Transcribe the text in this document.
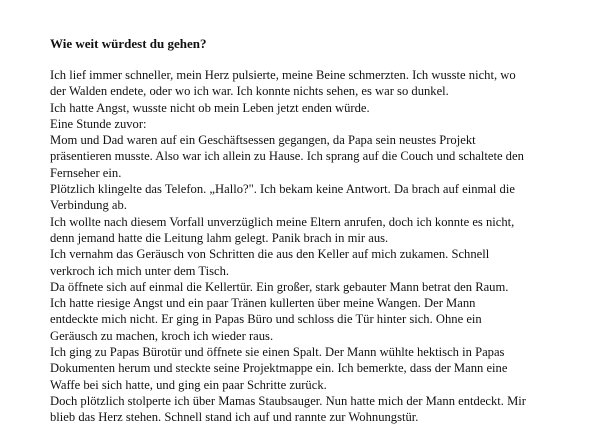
Wie weit würdest du gehen?
Ich lief immer schneller, mein Herz pulsierte, meine Beine schmerzten. Ich wusste nicht, wo
der Walden endete, oder wo ich war. Ich konnte nichts sehen, es war so dunkel.
Ich hatte Angst, wusste nicht ob mein Leben jetzt enden würde.
Eine Stunde zuvor:
Mom und Dad waren auf ein Geschäftsessen gegangen, da Papa sein neustes Projekt
präsentieren musste. Also war ich allein zu Hause. Ich sprang auf die Couch und schaltete den
Fernseher ein.
Plötzlich klingelte das Telefon. „Hallo?". Ich bekam keine Antwort. Da brach auf einmal die
Verbindung ab.
Ich wollte nach diesem Vorfall unverzüglich meine Eltern anrufen, doch ich konnte es nicht,
denn jemand hatte die Leitung lahm gelegt. Panik brach in mir aus.
Ich vernahm das Geräusch von Schritten die aus den Keller auf mich zukamen. Schnell
verkroch ich mich unter dem Tisch.
Da öffnete sich auf einmal die Kellertür. Ein großer, stark gebauter Mann betrat den Raum.
Ich hatte riesige Angst und ein paar Tränen kullerten über meine Wangen. Der Mann
entdeckte mich nicht. Er ging in Papas Büro und schloss die Tür hinter sich. Ohne ein
Geräusch zu machen, kroch ich wieder raus.
Ich ging zu Papas Bürotür und öffnete sie einen Spalt. Der Mann wühlte hektisch in Papas
Dokumenten herum und steckte seine Projektmappe ein. Ich bemerkte, dass der Mann eine
Waffe bei sich hatte, und ging ein paar Schritte zurück.
Doch plötzlich stolperte ich über Mamas Staubsauger. Nun hatte mich der Mann entdeckt. Mir
blieb das Herz stehen. Schnell stand ich auf und rannte zur Wohnungstür.
